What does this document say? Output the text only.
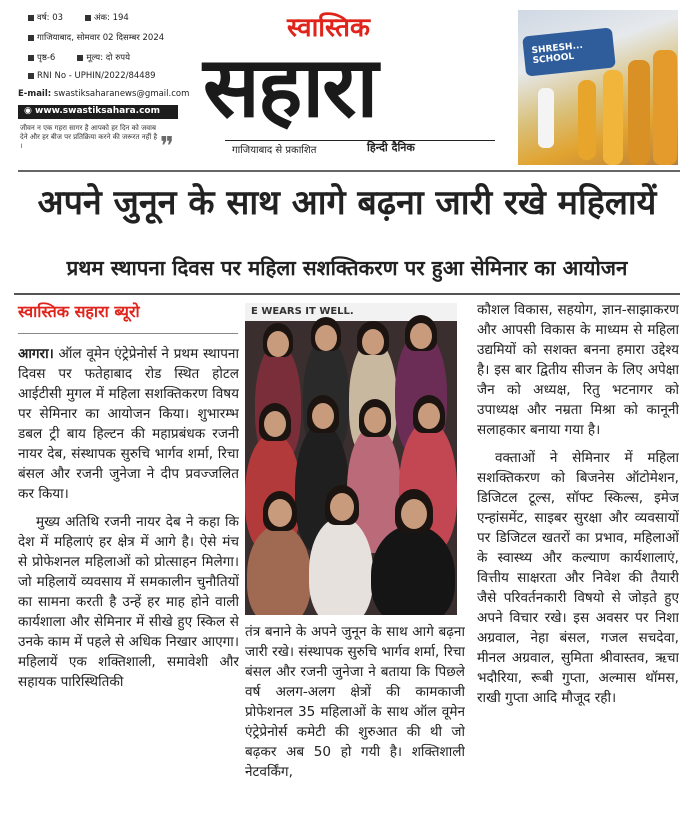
वर्ष: 03	अंक: 194
गाजियाबाद, सोमवार 02 दिसम्बर 2024
पृष्ठ-6	मूल्य: दो रुपये
RNI No - UPHIN/2022/84489
E-mail: swastiksaharanews@gmail.com
◉ www.swastiksahara.com
जीवन न एक गहरा सागर है आपको हर दिन को जवाब देने और हर बीज पर प्रतिक्रिया करने की जरूरत नहीं है ।	❞
स्वास्तिक
सहारा
गाजियाबाद से प्रकाशित	हिन्दी दैनिक
SHRESH... SCHOOL
अपने जुनून के साथ आगे बढ़ना जारी रखे महिलायें
प्रथम स्थापना दिवस पर महिला सशक्तिकरण पर हुआ सेमिनार का आयोजन
स्वास्तिक सहारा ब्यूरो

आगरा। ऑल वूमेन एंट्रेप्रेनोर्स ने प्रथम स्थापना दिवस पर फतेहाबाद रोड स्थित होटल आईटीसी मुगल में महिला सशक्तिकरण विषय पर सेमिनार का आयोजन किया। शुभारम्भ डबल ट्री बाय हिल्टन की महाप्रबंधक रजनी नायर देब, संस्थापक सुरुचि भार्गव शर्मा, रिचा बंसल और रजनी जुनेजा ने दीप प्रवज्जलित कर किया।

मुख्य अतिथि रजनी नायर देब ने कहा कि देश में महिलाएं हर क्षेत्र में आगे है। ऐसे मंच से प्रोफेशनल महिलाओं को प्रोत्साहन मिलेगा। जो महिलायें व्यवसाय में समकालीन चुनौतियों का सामना करती है उन्हें हर माह होने वाली कार्यशाला और सेमिनार में सीखे हुए स्किल से उनके काम में पहले से अधिक निखार आएगा। महिलायें एक शक्तिशाली, समावेशी और सहायक पारिस्थितिकी

E WEARS IT WELL.

तंत्र बनाने के अपने जुनून के साथ आगे बढ़ना जारी रखे। संस्थापक सुरुचि भार्गव शर्मा, रिचा बंसल और रजनी जुनेजा ने बताया कि पिछले वर्ष अलग-अलग क्षेत्रों की कामकाजी प्रोफेशनल 35 महिलाओं के साथ ऑल वूमेन एंट्रेप्रेनोर्स कमेटी की शुरुआत की थी जो बढ़कर अब 50 हो गयी है। शक्तिशाली नेटवर्किंग,

कौशल विकास, सहयोग, ज्ञान-साझाकरण और आपसी विकास के माध्यम से महिला उद्यमियों को सशक्त बनना हमारा उद्देश्य है। इस बार द्वितीय सीजन के लिए अपेक्षा जैन को अध्यक्ष, रितु भटनागर को उपाध्यक्ष और नम्रता मिश्रा को कानूनी सलाहकार बनाया गया है।

वक्ताओं ने सेमिनार में महिला सशक्तिकरण को बिजनेस ऑटोमेशन, डिजिटल टूल्स, सॉफ्ट स्किल्स, इमेज एन्हांसमेंट, साइबर सुरक्षा और व्यवसायों पर डिजिटल खतरों का प्रभाव, महिलाओं के स्वास्थ्य और कल्याण कार्यशालाएं, वित्तीय साक्षरता और निवेश की तैयारी जैसे परिवर्तनकारी विषयो से जोड़ते हुए अपने विचार रखे। इस अवसर पर निशा अग्रवाल, नेहा बंसल, गजल सचदेवा, मीनल अग्रवाल, सुमिता श्रीवास्तव, ऋचा भदौरिया, रूबी गुप्ता, अल्मास थॉमस, राखी गुप्ता आदि मौजूद रही।
